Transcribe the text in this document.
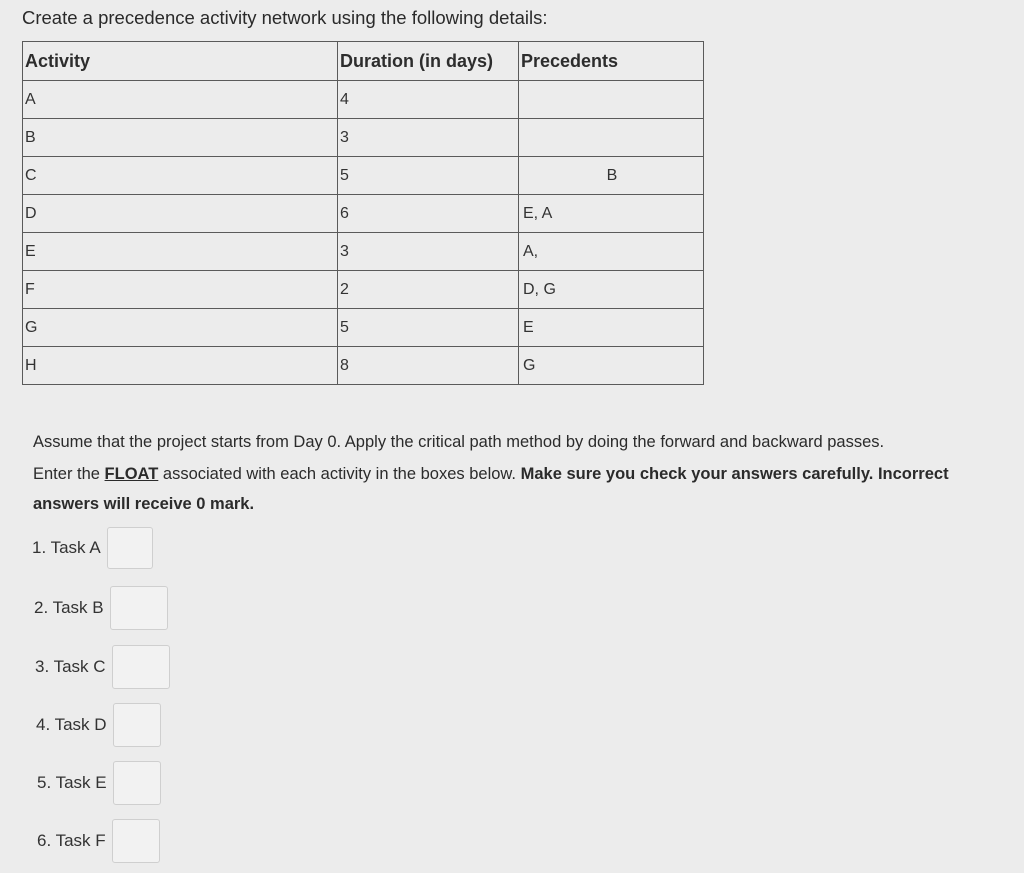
Create a precedence activity network using the following details:
Activity	Duration (in days)	Precedents
A	4	
B	3	
C	5	B
D	6	E, A
E	3	A,
F	2	D, G
G	5	E
H	8	G
Assume that the project starts from Day 0. Apply the critical path method by doing the forward and backward passes.
Enter the FLOAT associated with each activity in the boxes below. Make sure you check your answers carefully. Incorrect answers will receive 0 mark.
1. Task A
2. Task B
3. Task C
4. Task D
5. Task E
6. Task F
